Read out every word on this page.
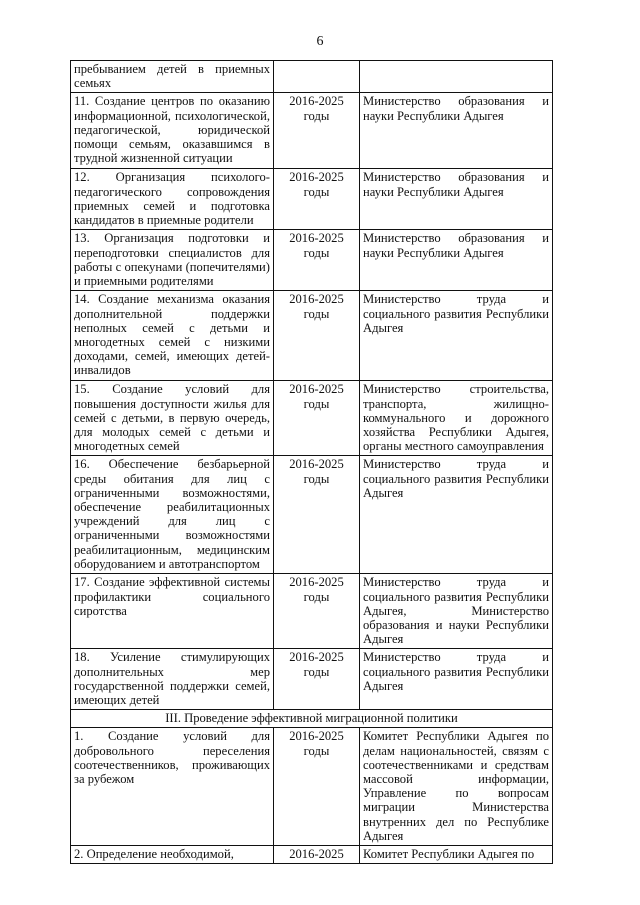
6
пребыванием детей в приемных семьях		
11. Создание центров по оказанию информационной, психологической, педагогической, юридической помощи семьям, оказавшимся в трудной жизненной ситуации	2016-2025 годы	Министерство образования и науки Республики Адыгея
12. Организация психолого-педагогического сопровождения приемных семей и подготовка кандидатов в приемные родители	2016-2025 годы	Министерство образования и науки Республики Адыгея
13. Организация подготовки и переподготовки специалистов для работы с опекунами (попечителями) и приемными родителями	2016-2025 годы	Министерство образования и науки Республики Адыгея
14. Создание механизма оказания дополнительной поддержки неполных семей с детьми и многодетных семей с низкими доходами, семей, имеющих детей-инвалидов	2016-2025 годы	Министерство труда и социального развития Республики Адыгея
15. Создание условий для повышения доступности жилья для семей с детьми, в первую очередь, для молодых семей с детьми и многодетных семей	2016-2025 годы	Министерство строительства, транспорта, жилищно-коммунального и дорожного хозяйства Республики Адыгея, органы местного самоуправления
16. Обеспечение безбарьерной среды обитания для лиц с ограниченными возможностями, обеспечение реабилитационных учреждений для лиц с ограниченными возможностями реабилитационным, медицинским оборудованием и автотранспортом	2016-2025 годы	Министерство труда и социального развития Республики Адыгея
17. Создание эффективной системы профилактики социального сиротства	2016-2025 годы	Министерство труда и социального развития Республики Адыгея, Министерство образования и науки Республики Адыгея
18. Усиление стимулирующих дополнительных мер государственной поддержки семей, имеющих детей	2016-2025 годы	Министерство труда и социального развития Республики Адыгея
III. Проведение эффективной миграционной политики		
1. Создание условий для добровольного переселения соотечественников, проживающих за рубежом	2016-2025 годы	Комитет Республики Адыгея по делам национальностей, связям с соотечественниками и средствам массовой информации, Управление по вопросам миграции Министерства внутренних дел по Республике Адыгея
2. Определение необходимой,	2016-2025	Комитет Республики Адыгея по
